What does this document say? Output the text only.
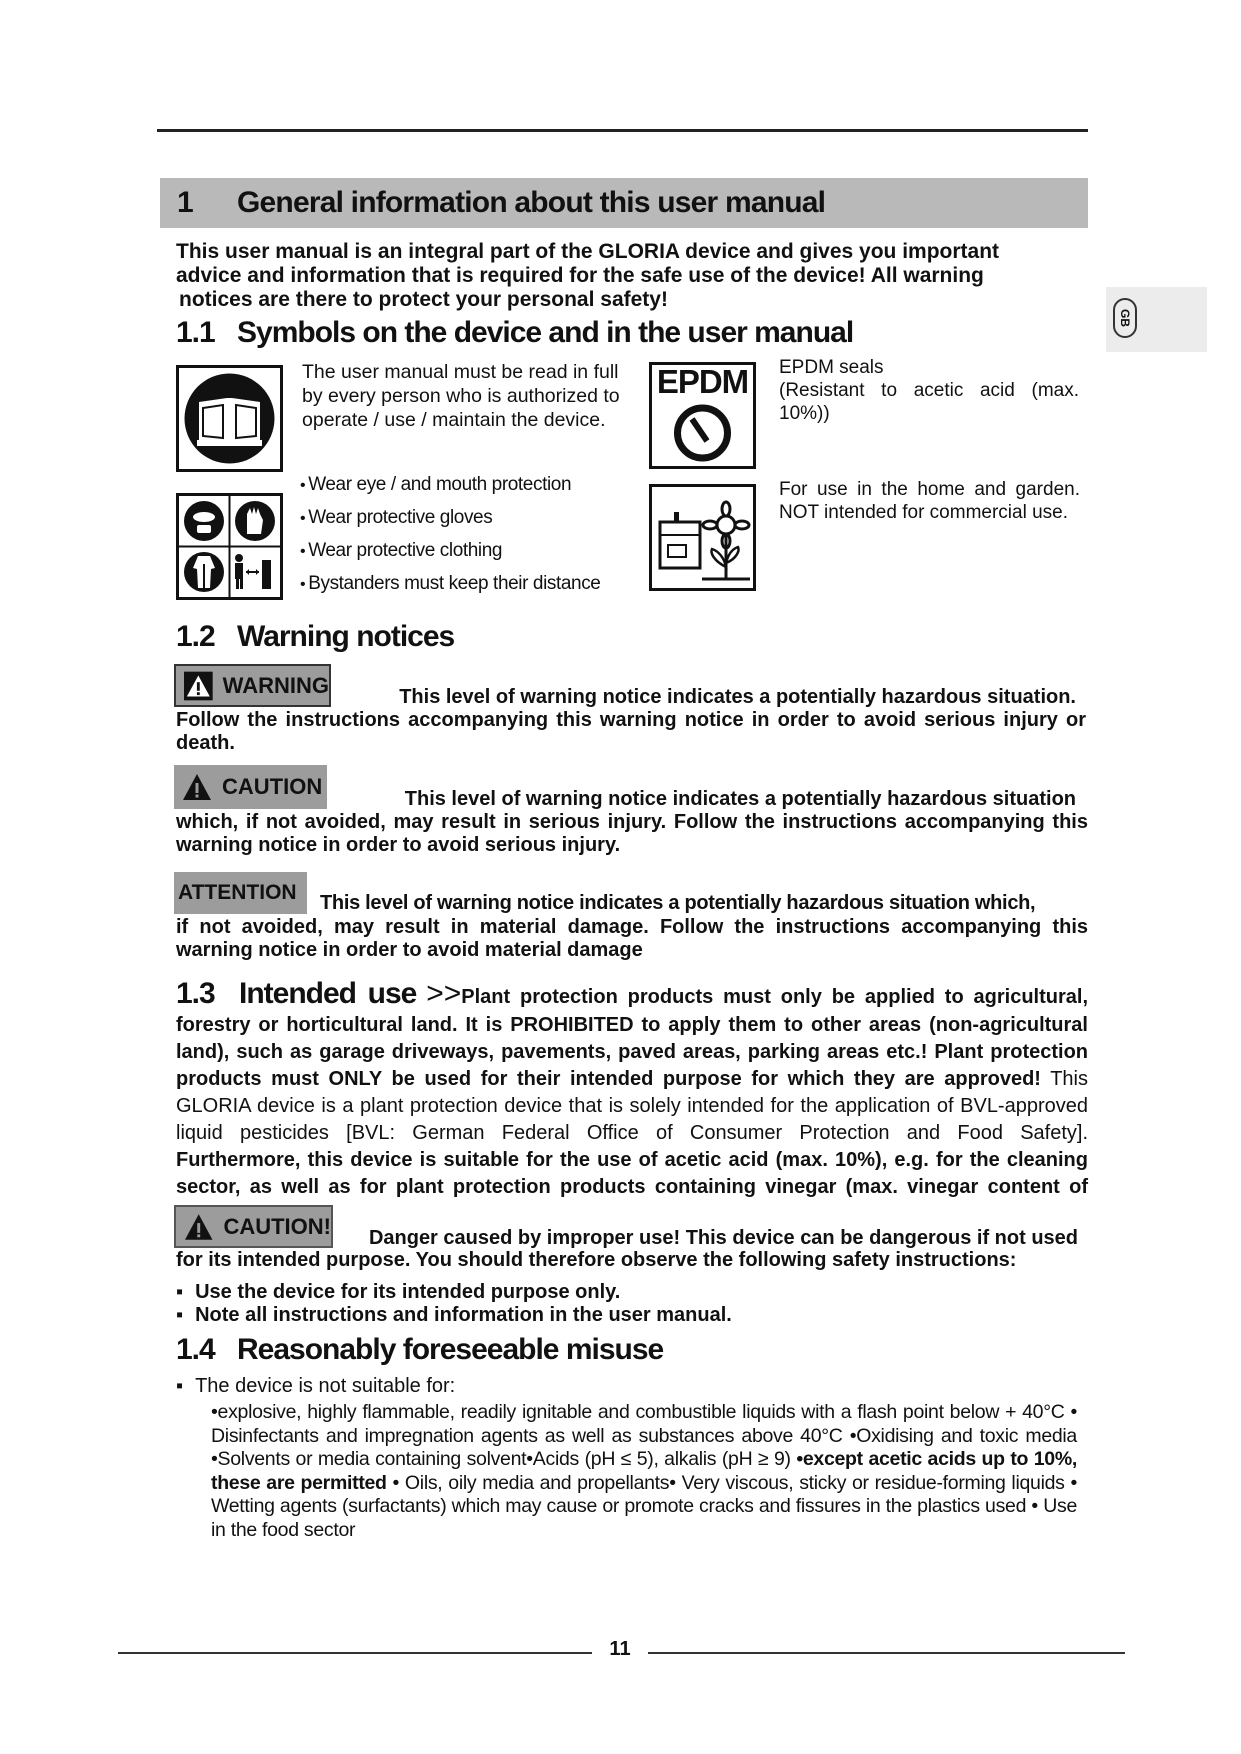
GB
1 General information about this user manual
This user manual is an integral part of the GLORIA device and gives you important
advice and information that is required for the safe use of the device! All warning
notices are there to protect your personal safety!
1.1 Symbols on the device and in the user manual
The user manual must be read in full by every person who is authorized to operate / use / maintain the device.
EPDM EPDM seals
(Resistant to acetic acid (max. 10%))
• Wear eye / and mouth protection
• Wear protective gloves
• Wear protective clothing
• Bystanders must keep their distance
For use in the home and garden. NOT intended for commercial use.
1.2 Warning notices
WARNING	This level of warning notice indicates a potentially hazardous situation.
Follow the instructions accompanying this warning notice in order to avoid serious injury or death.
CAUTION	This level of warning notice indicates a potentially hazardous situation
which, if not avoided, may result in serious injury. Follow the instructions accompanying this warning notice in order to avoid serious injury.
ATTENTION This level of warning notice indicates a potentially hazardous situation which,
if not avoided, may result in material damage. Follow the instructions accompanying this warning notice in order to avoid material damage
1.3 Intended use >>Plant protection products must only be applied to agricultural, forestry or horticultural land. It is PROHIBITED to apply them to other areas (non-agricultural land), such as garage driveways, pavements, paved areas, parking areas etc.! Plant protection products must ONLY be used for their intended purpose for which they are approved! This GLORIA device is a plant protection device that is solely intended for the application of BVL-approved liquid pesticides [BVL: German Federal Office of Consumer Protection and Food Safety]. Furthermore, this device is suitable for the use of acetic acid (max. 10%), e.g. for the cleaning sector, as well as for plant protection products containing vinegar (max. vinegar content of
CAUTION!	Danger caused by improper use! This device can be dangerous if not used
for its intended purpose. You should therefore observe the following safety instructions:
▪ Use the device for its intended purpose only.
▪ Note all instructions and information in the user manual.
1.4 Reasonably foreseeable misuse
▪ The device is not suitable for:
•explosive, highly flammable, readily ignitable and combustible liquids with a flash point below + 40°C • Disinfectants and impregnation agents as well as substances above 40°C •Oxidising and toxic media •Solvents or media containing solvent•Acids (pH ≤ 5), alkalis (pH ≥ 9) •except acetic acids up to 10%, these are permitted • Oils, oily media and propellants• Very viscous, sticky or residue-forming liquids • Wetting agents (surfactants) which may cause or promote cracks and fissures in the plastics used • Use in the food sector
11
